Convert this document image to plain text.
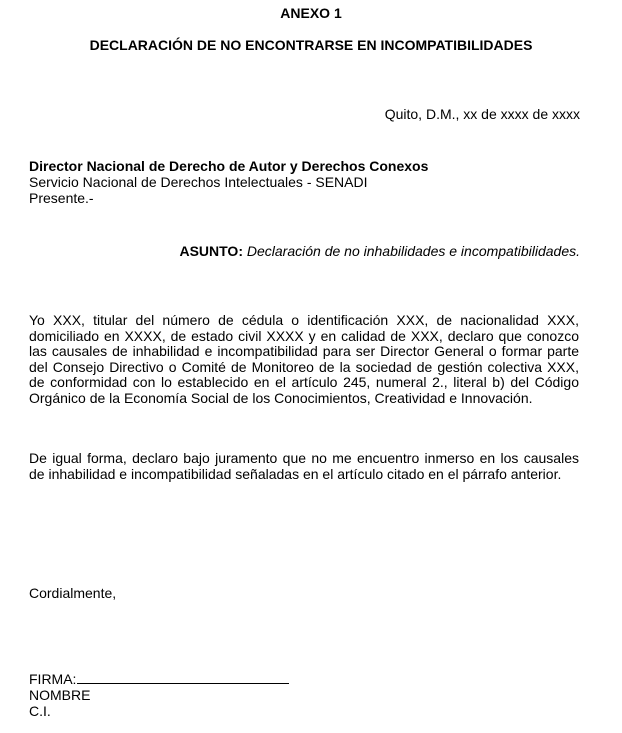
ANEXO 1
DECLARACIÓN DE NO ENCONTRARSE EN INCOMPATIBILIDADES
Quito, D.M., xx de xxxx de xxxx
Director Nacional de Derecho de Autor y Derechos Conexos
Servicio Nacional de Derechos Intelectuales - SENADI
Presente.-
ASUNTO: Declaración de no inhabilidades e incompatibilidades.
Yo XXX, titular del número de cédula o identificación XXX, de nacionalidad XXX, domiciliado en XXXX, de estado civil XXXX y en calidad de XXX, declaro que conozco las causales de inhabilidad e incompatibilidad para ser Director General o formar parte del Consejo Directivo o Comité de Monitoreo de la sociedad de gestión colectiva XXX, de conformidad con lo establecido en el artículo 245, numeral 2., literal b) del Código Orgánico de la Economía Social de los Conocimientos, Creatividad e Innovación.
De igual forma, declaro bajo juramento que no me encuentro inmerso en los causales de inhabilidad e incompatibilidad señaladas en el artículo citado en el párrafo anterior.
Cordialmente,
FIRMA:
NOMBRE
C.I.
